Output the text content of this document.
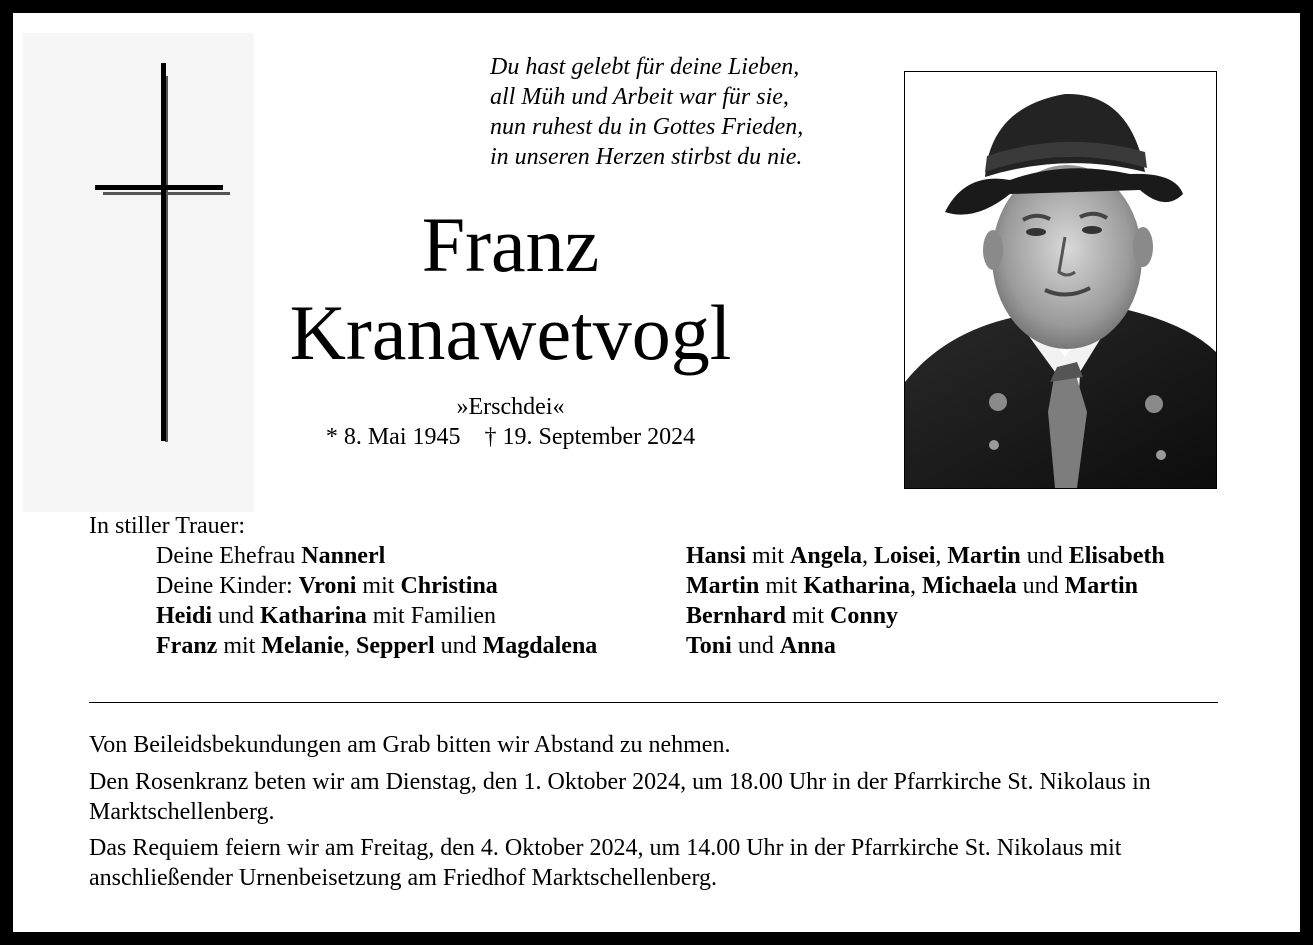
Du hast gelebt für deine Lieben,
all Müh und Arbeit war für sie,
nun ruhest du in Gottes Frieden,
in unseren Herzen stirbst du nie.
Franz
Kranawetvogl
»Erschdei«
* 8. Mai 1945 † 19. September 2024
In stiller Trauer:
Deine Ehefrau Nannerl
Deine Kinder: Vroni mit Christina
Heidi und Katharina mit Familien
Franz mit Melanie, Sepperl und Magdalena
Hansi mit Angela, Loisei, Martin und Elisabeth
Martin mit Katharina, Michaela und Martin
Bernhard mit Conny
Toni und Anna
Von Beileidsbekundungen am Grab bitten wir Abstand zu nehmen.
Den Rosenkranz beten wir am Dienstag, den 1. Oktober 2024, um 18.00 Uhr in der Pfarrkirche St. Nikolaus in Marktschellenberg.
Das Requiem feiern wir am Freitag, den 4. Oktober 2024, um 14.00 Uhr in der Pfarrkirche St. Nikolaus mit anschließender Urnenbeisetzung am Friedhof Marktschellenberg.
